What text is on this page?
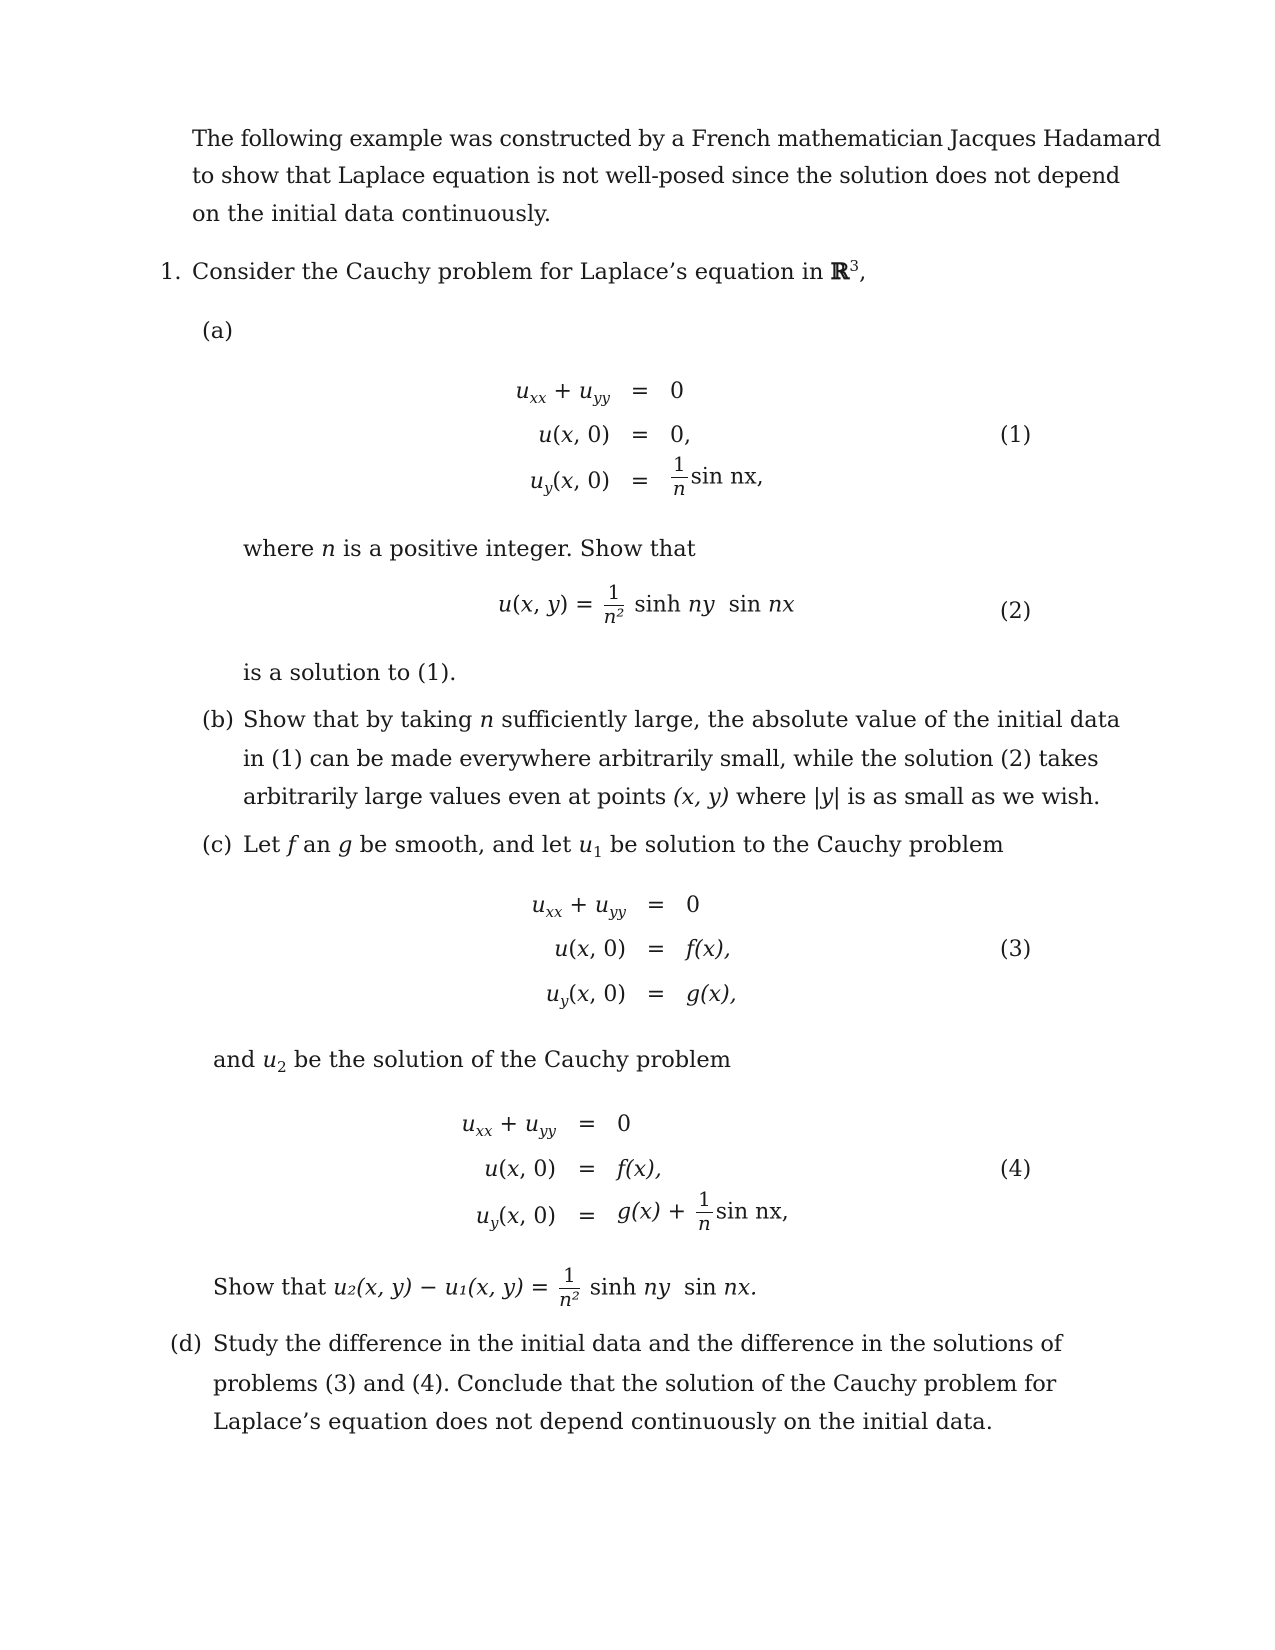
The following example was constructed by a French mathematician Jacques Hadamard
to show that Laplace equation is not well-posed since the solution does not depend
on the initial data continuously.
1. Consider the Cauchy problem for Laplace’s equation in ℝ$^3$,
(a)
$u_{xx} + u_{yy} = 0$
u(x, 0) = 0,
$u_y(x$, $0) = \frac{1}{n}$ sin nx,
(1)
where n is a positive integer. Show that
u(x, $y) = \frac{1}{\text{n²}}$ sinh ny sin nx	(2)
is a solution to (1).
(b) Show that by taking n sufficiently large, the absolute value of the initial data
in (1) can be made everywhere arbitrarily small, while the solution (2) takes
arbitrarily large values even at points (x, y) where |y| is as small as we wish.
(c) Let f an g be smooth, and let $u_1$ be solution to the Cauchy problem
$u_{xx} + u_{yy} = 0$
u(x, 0) = f(x),
$u_y(x$, 0) = g(x),
(3)
and $u_2$ be the solution of the Cauchy problem
$u_{xx} + u_{yy} = 0$
u(x, 0) = f(x),
$u_y(x$, $0) = g(x) + \frac{1}{n}$ sin nx,
(4)
Show that u₂(x, y) − u₁(x, $y) = \frac{1}{\text{n²}}$ sinh ny sin nx.
(d) Study the difference in the initial data and the difference in the solutions of
problems (3) and (4). Conclude that the solution of the Cauchy problem for
Laplace’s equation does not depend continuously on the initial data.
